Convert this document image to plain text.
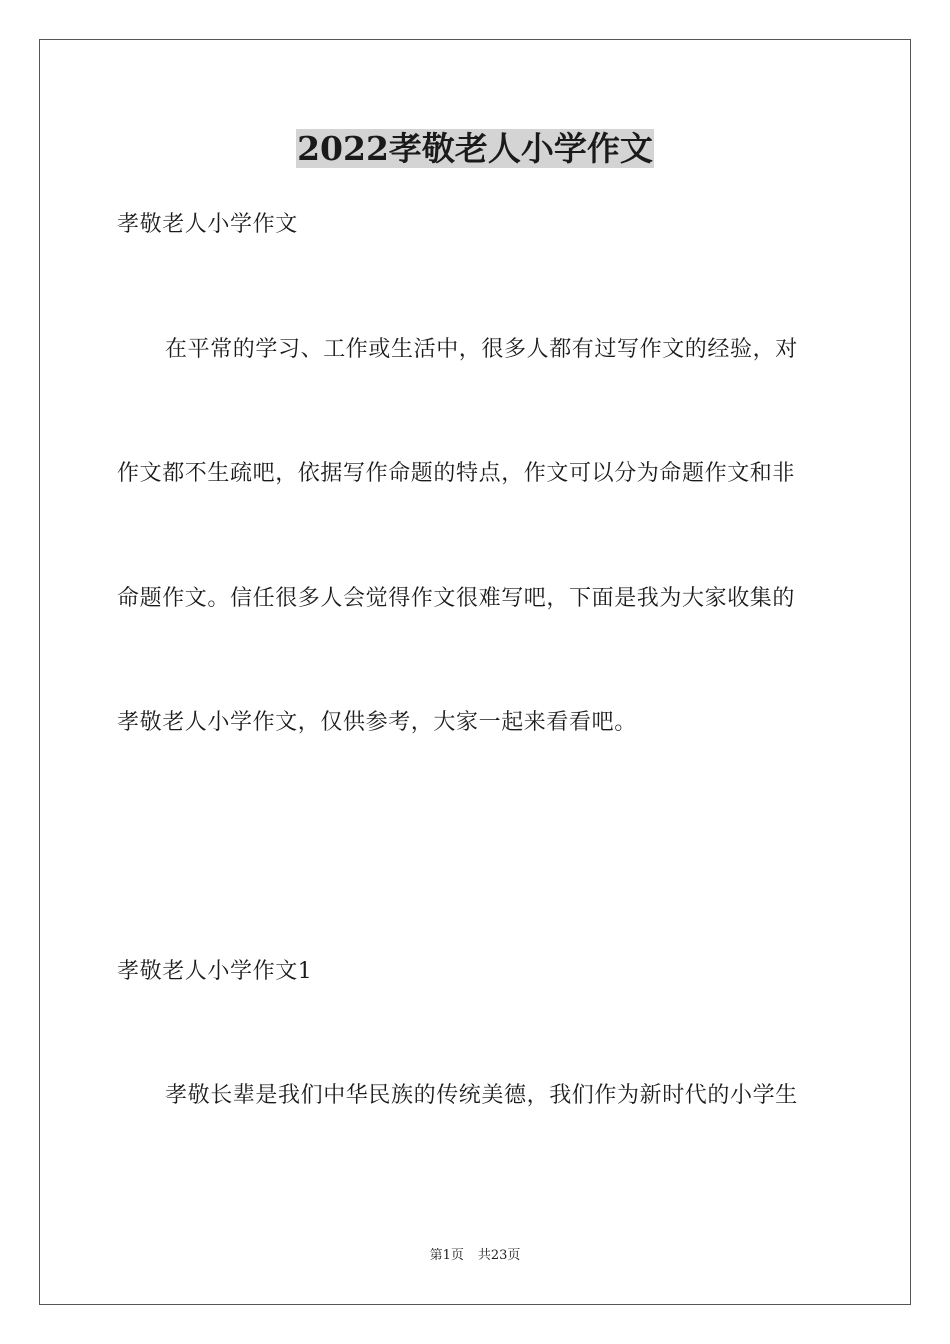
2022孝敬老人小学作文
孝敬老人小学作文
在平常的学习、工作或生活中，很多人都有过写作文的经验，对
作文都不生疏吧，依据写作命题的特点，作文可以分为命题作文和非
命题作文。信任很多人会觉得作文很难写吧，下面是我为大家收集的
孝敬老人小学作文，仅供参考，大家一起来看看吧。
孝敬老人小学作文1
孝敬长辈是我们中华民族的传统美德，我们作为新时代的小学生
第1页 共23页
